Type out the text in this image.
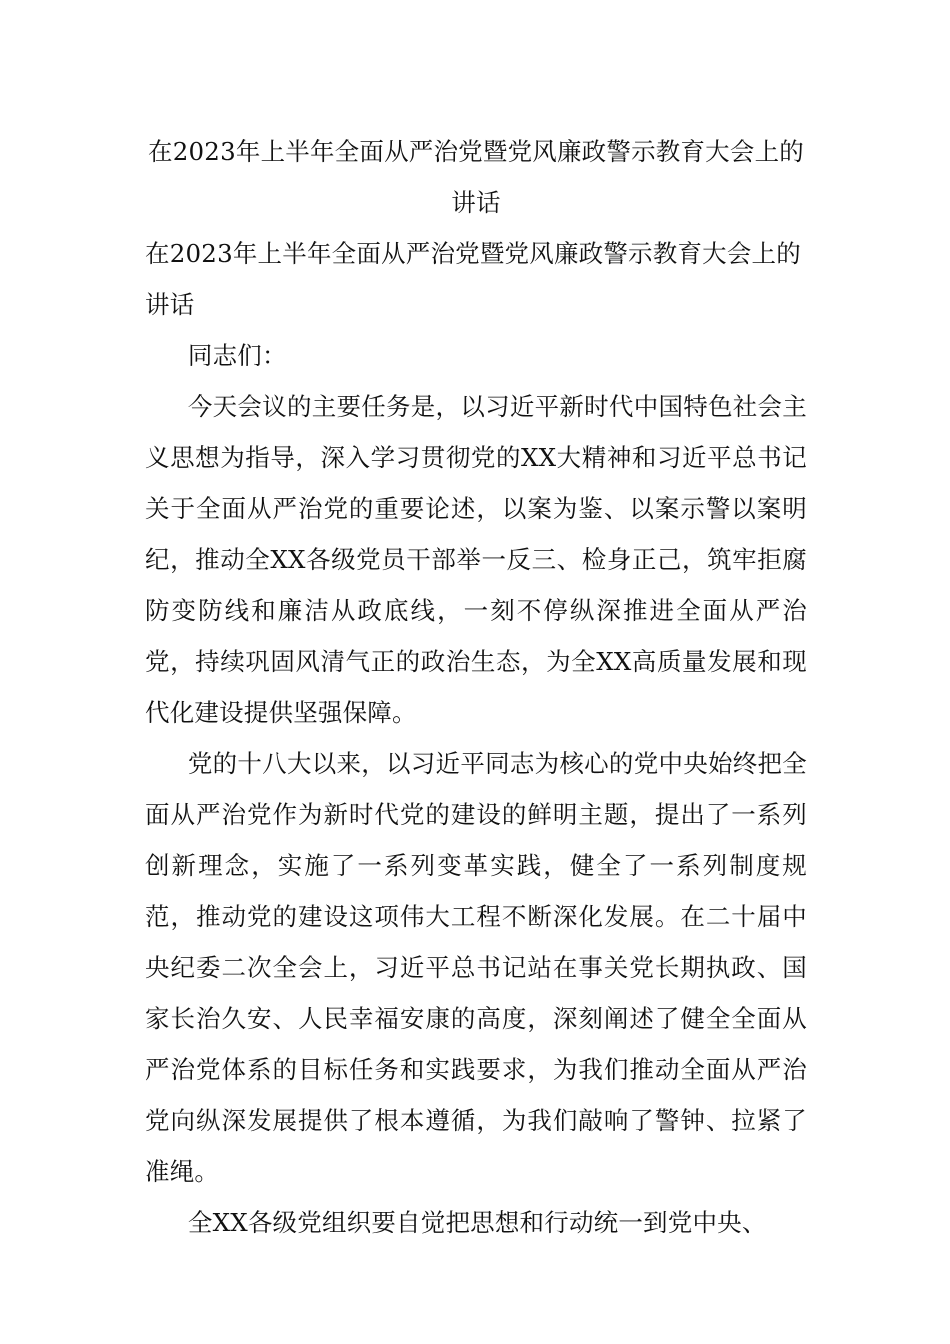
在2023年上半年全面从严治党暨党风廉政警示教育大会上的讲话

在2023年上半年全面从严治党暨党风廉政警示教育大会上的讲话

同志们：

今天会议的主要任务是，以习近平新时代中国特色社会主义思想为指导，深入学习贯彻党的XX大精神和习近平总书记关于全面从严治党的重要论述，以案为鉴、以案示警以案明纪，推动全XX各级党员干部举一反三、检身正己，筑牢拒腐防变防线和廉洁从政底线，一刻不停纵深推进全面从严治党，持续巩固风清气正的政治生态，为全XX高质量发展和现代化建设提供坚强保障。

党的十八大以来，以习近平同志为核心的党中央始终把全面从严治党作为新时代党的建设的鲜明主题，提出了一系列创新理念，实施了一系列变革实践，健全了一系列制度规范，推动党的建设这项伟大工程不断深化发展。在二十届中央纪委二次全会上，习近平总书记站在事关党长期执政、国家长治久安、人民幸福安康的高度，深刻阐述了健全全面从严治党体系的目标任务和实践要求，为我们推动全面从严治党向纵深发展提供了根本遵循，为我们敲响了警钟、拉紧了准绳。

全XX各级党组织要自觉把思想和行动统一到党中央、
